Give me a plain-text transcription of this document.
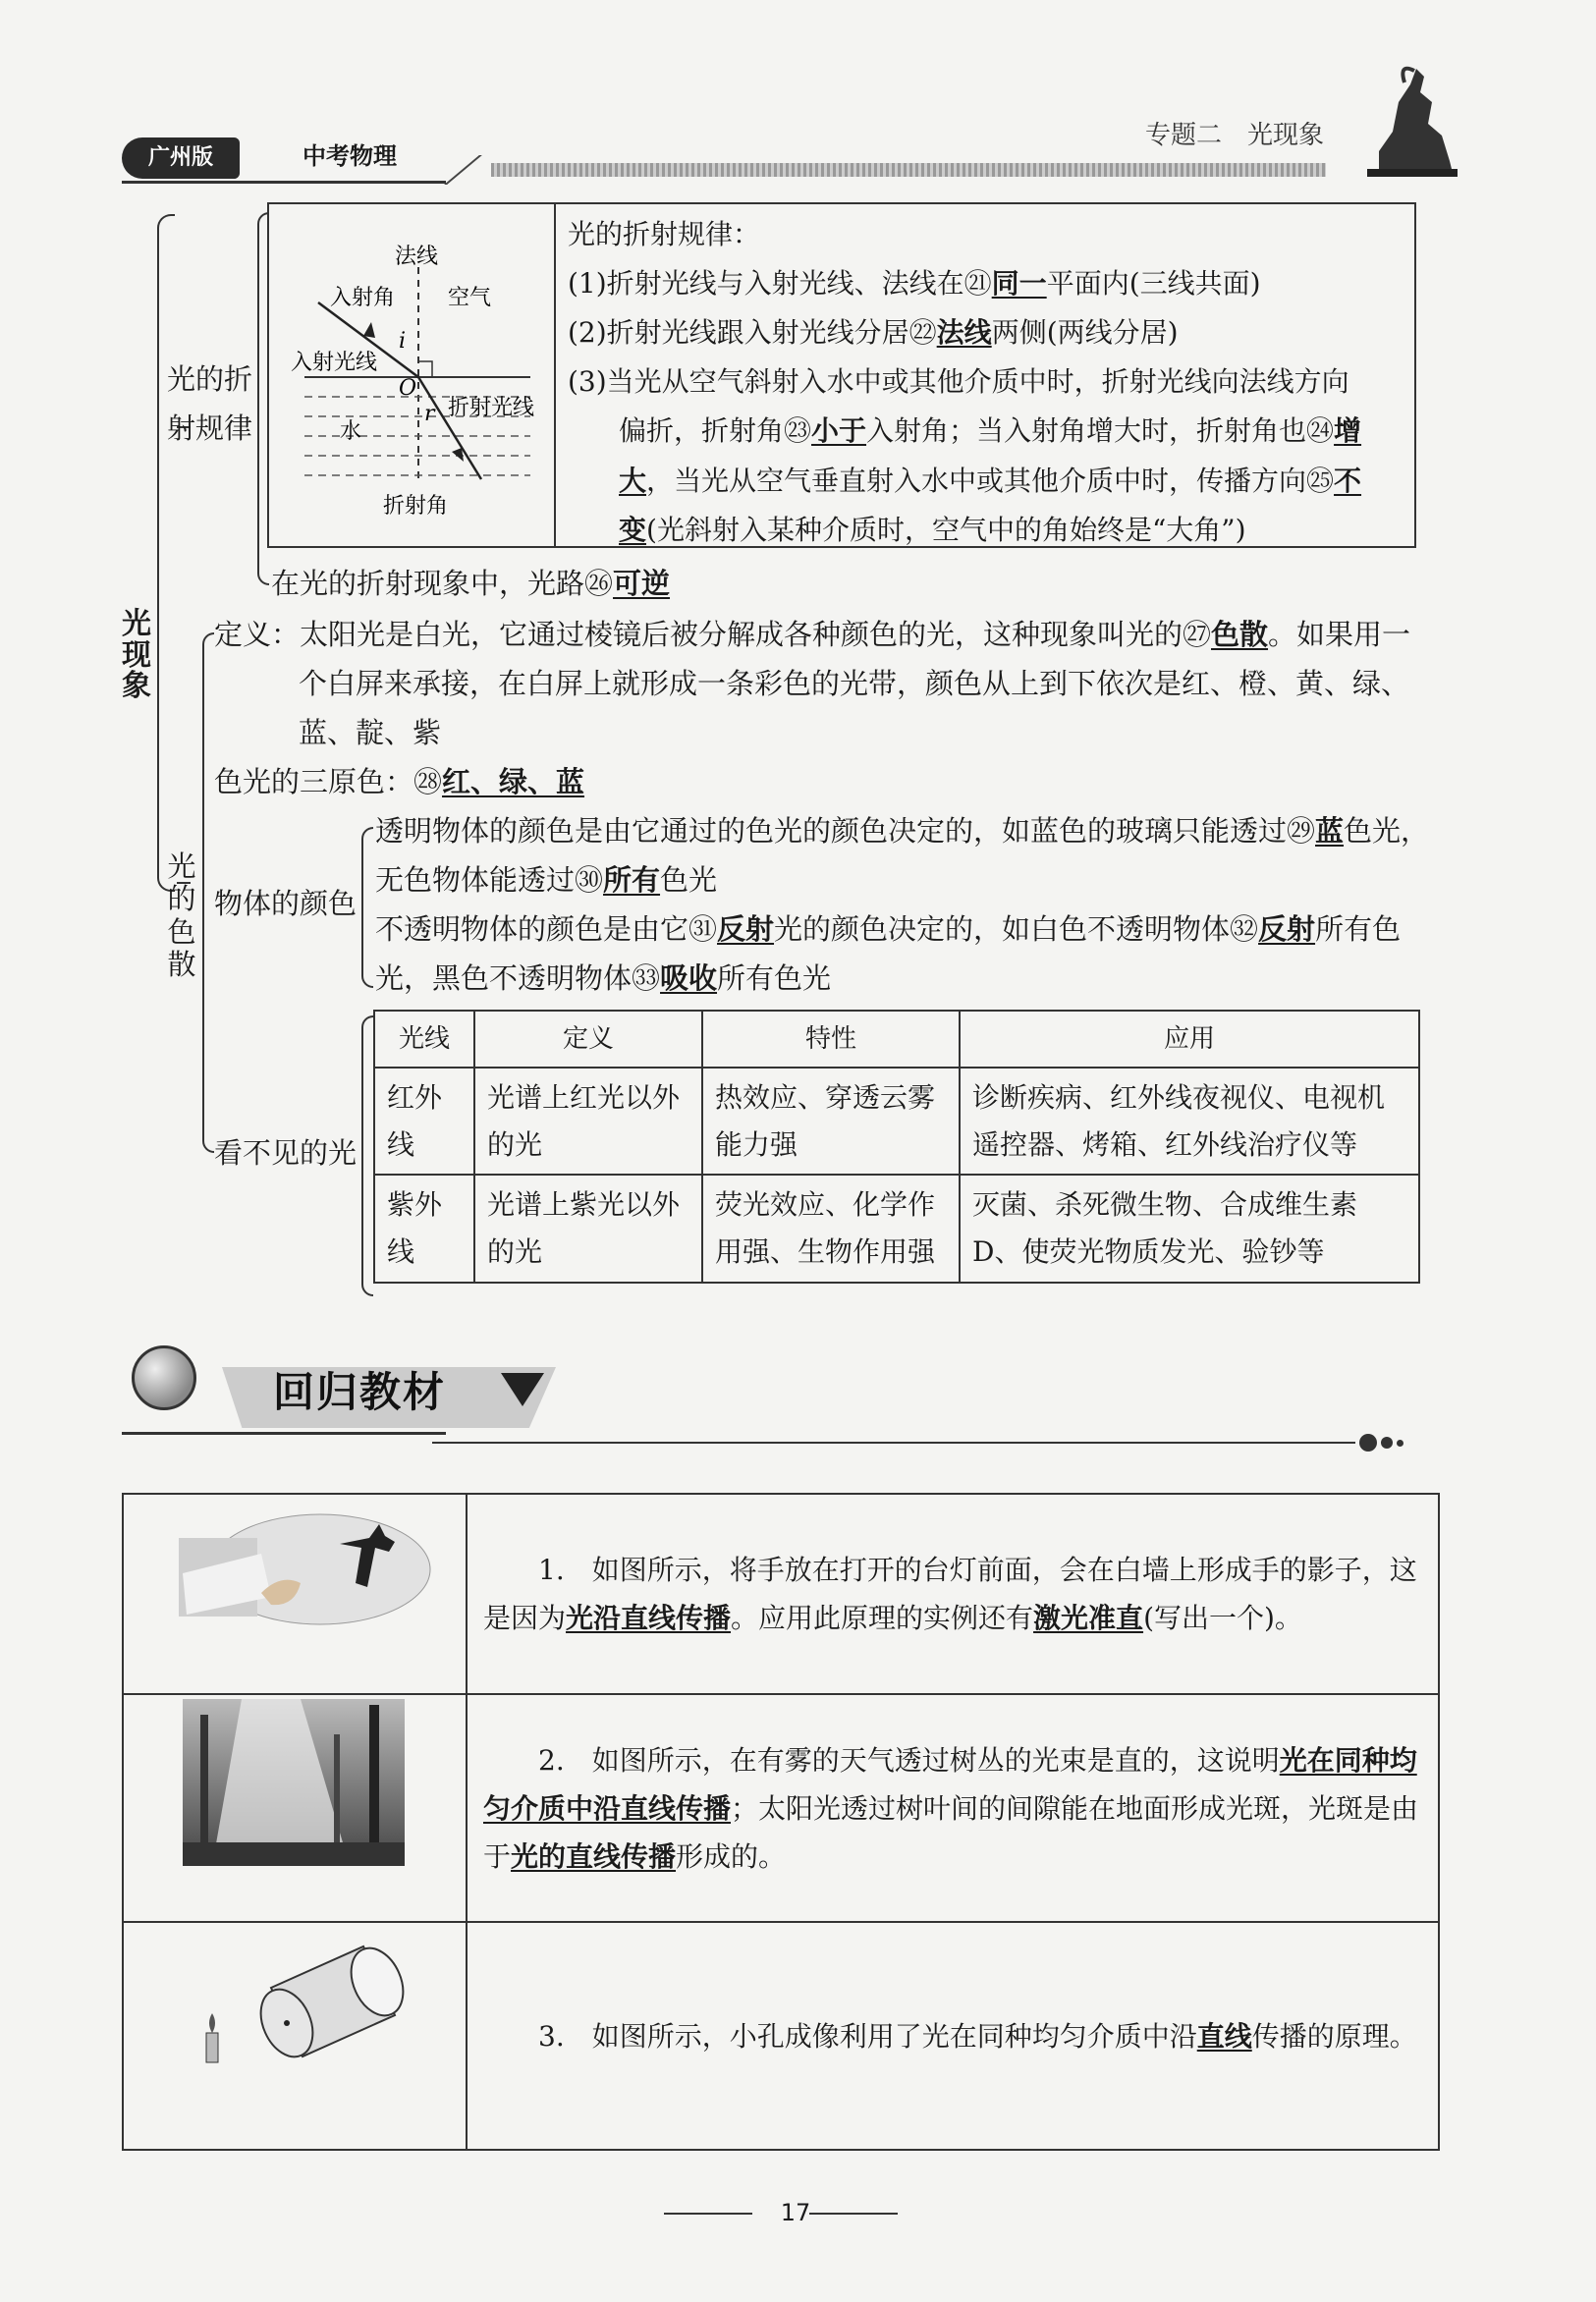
广州版	中考物理
专题二　光现象
光现象
光的折
射规律
法线
入射角 空气
i
入射光线
O
折射光线
水
r
折射角
光的折射规律：
(1)折射光线与入射光线、法线在㉑同一平面内(三线共面)
(2)折射光线跟入射光线分居㉒法线两侧(两线分居)
(3)当光从空气斜射入水中或其他介质中时，折射光线向法线方向
偏折，折射角㉓小于入射角；当入射角增大时，折射角也㉔增
大，当光从空气垂直射入水中或其他介质中时，传播方向㉕不
变(光斜射入某种介质时，空气中的角始终是“大角”)
在光的折射现象中，光路㉖可逆
光的色散
定义：太阳光是白光，它通过棱镜后被分解成各种颜色的光，这种现象叫光的㉗色散。如果用一
个白屏来承接，在白屏上就形成一条彩色的光带，颜色从上到下依次是红、橙、黄、绿、
蓝、靛、紫
色光的三原色：㉘红、绿、蓝
物体的颜色
透明物体的颜色是由它通过的色光的颜色决定的，如蓝色的玻璃只能透过㉙蓝色光，
无色物体能透过㉚所有色光
不透明物体的颜色是由它㉛反射光的颜色决定的，如白色不透明物体㉜反射所有色
光，黑色不透明物体㉝吸收所有色光
看不见的光
光线	定义	特性	应用
红外线	光谱上红光以外的光	热效应、穿透云雾能力强	诊断疾病、红外线夜视仪、电视机遥控器、烤箱、红外线治疗仪等
紫外线	光谱上紫光以外的光	荧光效应、化学作用强、生物作用强	灭菌、杀死微生物、合成维生素D、使荧光物质发光、验钞等
回归教材

1.　如图所示，将手放在打开的台灯前面，会在白墙上形成手的影子，这是因为光沿直线传播。应用此原理的实例还有激光准直(写出一个)。

2.　如图所示，在有雾的天气透过树丛的光束是直的，这说明光在同种均匀介质中沿直线传播；太阳光透过树叶间的间隙能在地面形成光斑，光斑是由于光的直线传播形成的。

3.　如图所示，小孔成像利用了光在同种均匀介质中沿直线传播的原理。

17
